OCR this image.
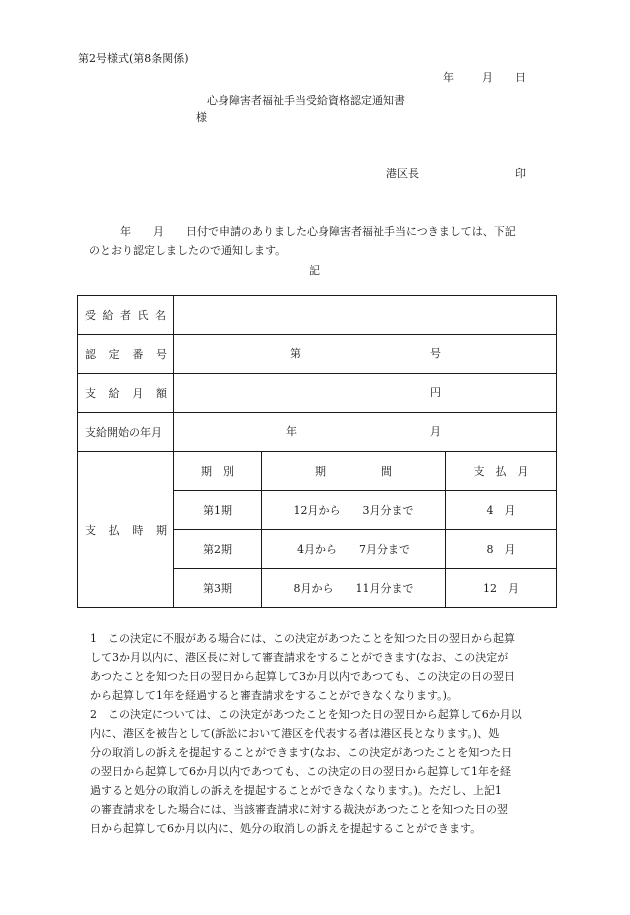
第2号様式(第8条関係)
年	月 日
心身障害者福祉手当受給資格認定通知書
様
港区長	印
年　　月　　日付で申請のありました心身障害者福祉手当につきましては、下記
のとおり認定しましたので通知します。
記
受給者氏名			

認 定 番 号	第 号		

支 給 月 額	円		

支給開始の年月	年 月		

支 払 時 期	期　別	期　　　　　間	支　払　月
	第1期	12月から　　3月分まで	4　月
	第2期	4月から　　7月分まで	8　月
	第3期	8月から　　11月分まで	12　月
1　この決定に不服がある場合には、この決定があつたことを知つた日の翌日から起算
して3か月以内に、港区長に対して審査請求をすることができます(なお、この決定が
あつたことを知つた日の翌日から起算して3か月以内であつても、この決定の日の翌日
から起算して1年を経過すると審査請求をすることができなくなります。)。
2　この決定については、この決定があつたことを知つた日の翌日から起算して6か月以
内に、港区を被告として(訴訟において港区を代表する者は港区長となります。)、処
分の取消しの訴えを提起することができます(なお、この決定があつたことを知つた日
の翌日から起算して6か月以内であつても、この決定の日の翌日から起算して1年を経
過すると処分の取消しの訴えを提起することができなくなります。)。ただし、上記1
の審査請求をした場合には、当該審査請求に対する裁決があつたことを知つた日の翌
日から起算して6か月以内に、処分の取消しの訴えを提起することができます。
